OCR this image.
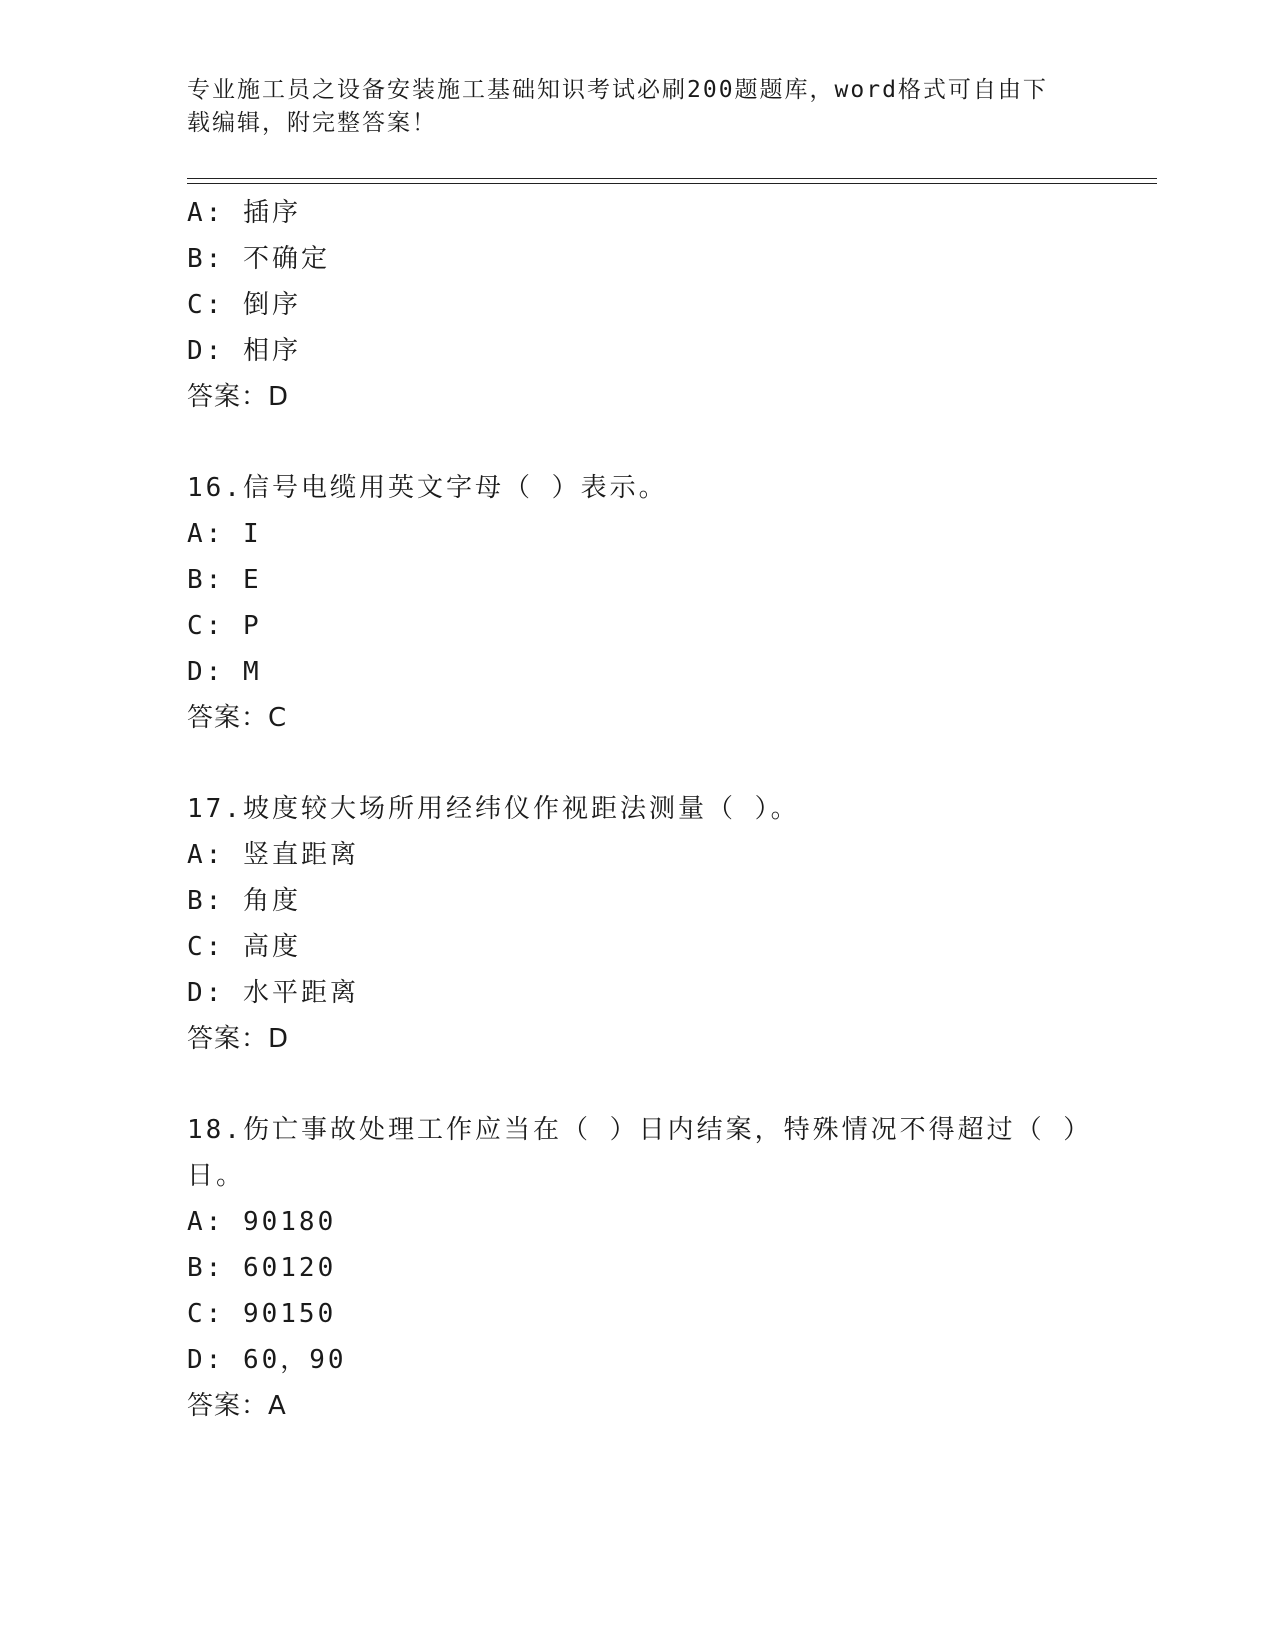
专业施工员之设备安装施工基础知识考试必刷200题题库，word格式可自由下载编辑，附完整答案！
A: 插序
B: 不确定
C: 倒序
D: 相序
答案：D
16.信号电缆用英文字母（ ）表示。
A: I
B: E
C: P
D: M
答案：C
17.坡度较大场所用经纬仪作视距法测量（ ）。
A: 竖直距离
B: 角度
C: 高度
D: 水平距离
答案：D
18.伤亡事故处理工作应当在（ ）日内结案，特殊情况不得超过（ ）日。
A: 90180
B: 60120
C: 90150
D: 60，90
答案：A
